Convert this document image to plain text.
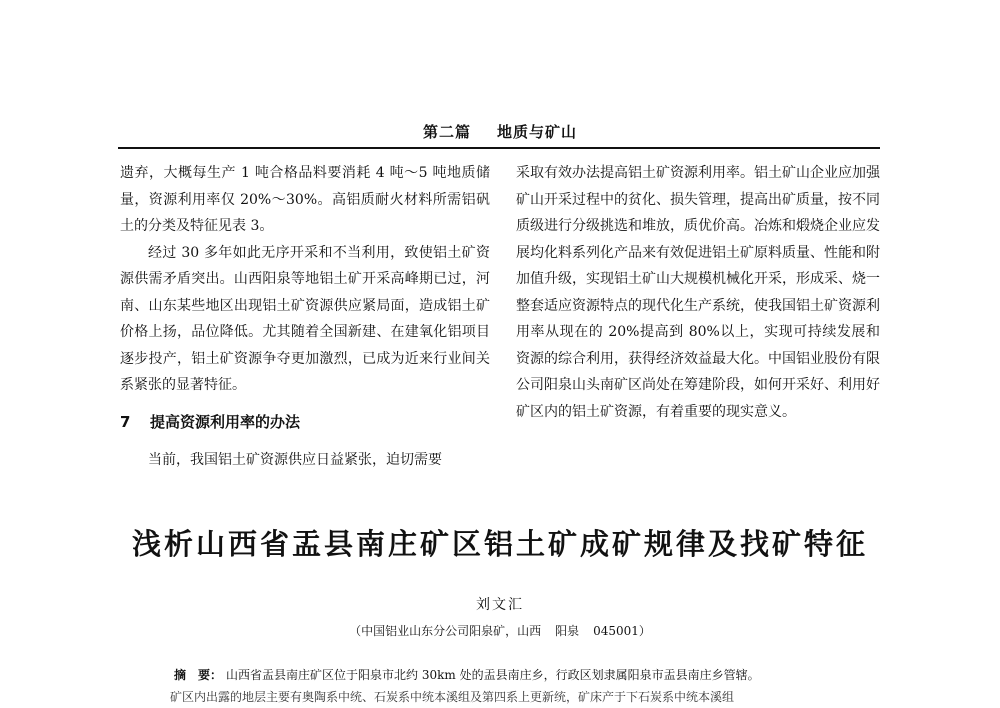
第二篇 地质与矿山

遗弃，大概每生产 1 吨合格品料要消耗 4 吨～5 吨地质储量，资源利用率仅 20%～30%。高铝质耐火材料所需铝矾土的分类及特征见表 3。

经过 30 多年如此无序开采和不当利用，致使铝土矿资源供需矛盾突出。山西阳泉等地铝土矿开采高峰期已过，河南、山东某些地区出现铝土矿资源供应紧局面，造成铝土矿价格上扬，品位降低。尤其随着全国新建、在建氧化铝项目逐步投产，铝土矿资源争夺更加激烈，已成为近来行业间关系紧张的显著特征。

7 提高资源利用率的办法

当前，我国铝土矿资源供应日益紧张，迫切需要

采取有效办法提高铝土矿资源利用率。铝土矿山企业应加强矿山开采过程中的贫化、损失管理，提高出矿质量，按不同质级进行分级挑选和堆放，质优价高。冶炼和煅烧企业应发展均化料系列化产品来有效促进铝土矿原料质量、性能和附加值升级，实现铝土矿山大规模机械化开采，形成采、烧一整套适应资源特点的现代化生产系统，使我国铝土矿资源利用率从现在的 20%提高到 80%以上，实现可持续发展和资源的综合利用，获得经济效益最大化。中国铝业股份有限公司阳泉山头南矿区尚处在筹建阶段，如何开采好、利用好矿区内的铝土矿资源，有着重要的现实意义。

浅析山西省盂县南庄矿区铝土矿成矿规律及找矿特征
刘文汇
（中国铝业山东分公司阳泉矿，山西 阳泉 045001）
摘　要： 山西省盂县南庄矿区位于阳泉市北约 30km 处的盂县南庄乡，行政区划隶属阳泉市盂县南庄乡管辖。
矿区内出露的地层主要有奥陶系中统、石炭系中统本溪组及第四系上更新统，矿床产于下石炭系中统本溪组
